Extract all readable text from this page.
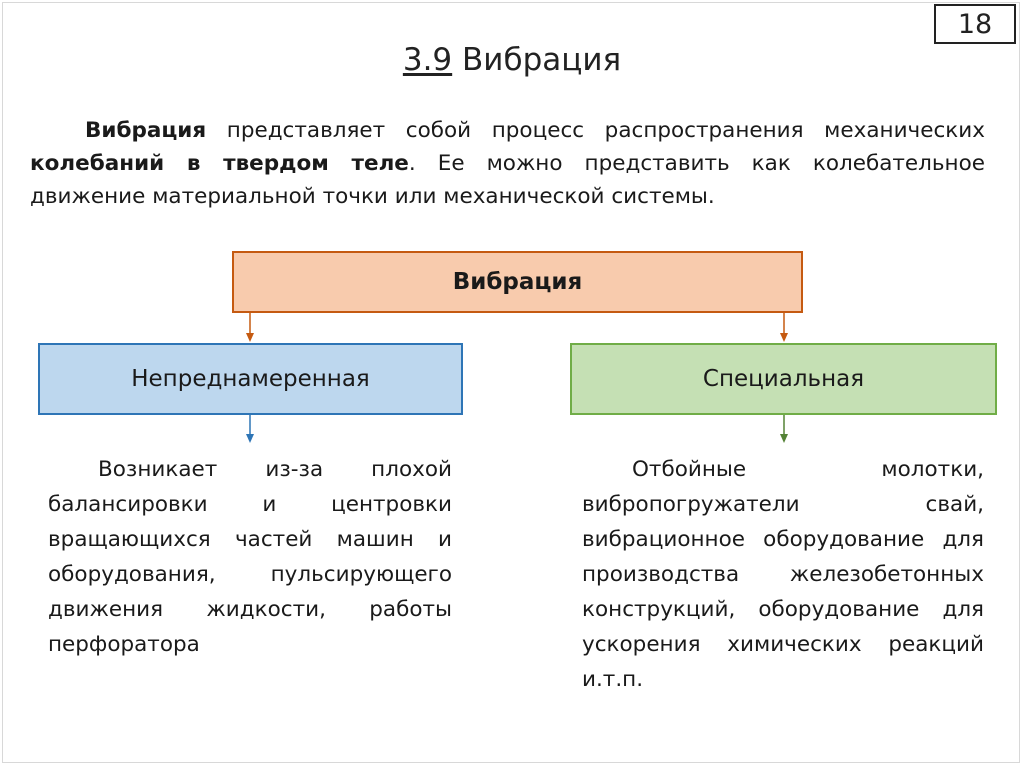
18
3.9 Вибрация
Вибрация представляет собой процесс распространения механических колебаний в твердом теле. Ее можно представить как колебательное движение материальной точки или механической системы.
Вибрация
Непреднамеренная	Специальная
Возникает из-за плохой балансировки и центровки вращающихся частей машин и оборудования, пульсирующего движения жидкости, работы перфоратора
Отбойные молотки, вибропогружатели свай, вибрационное оборудование для производства железобетонных конструкций, оборудование для ускорения химических реакций и.т.п.
